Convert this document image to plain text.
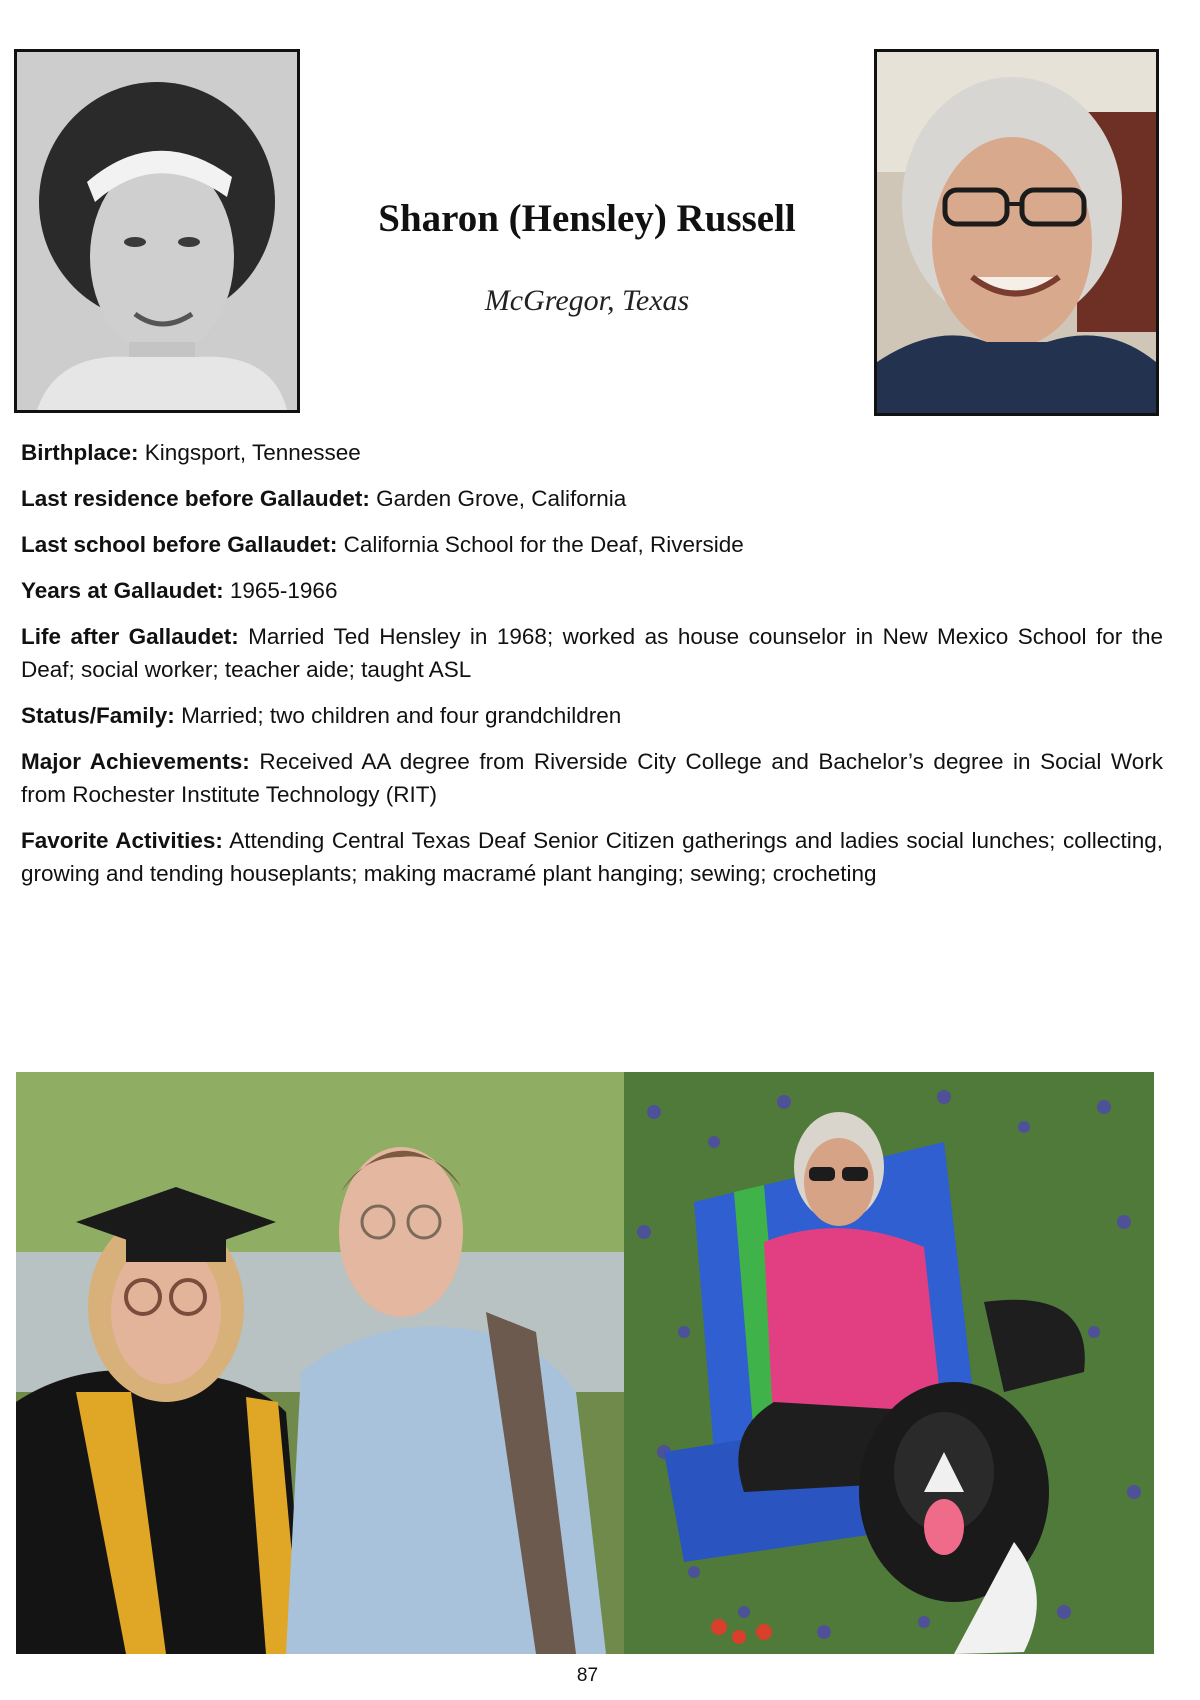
Sharon (Hensley) Russell

McGregor, Texas

Birthplace: Kingsport, Tennessee

Last residence before Gallaudet: Garden Grove, California

Last school before Gallaudet: California School for the Deaf, Riverside

Years at Gallaudet: 1965-1966

Life after Gallaudet: Married Ted Hensley in 1968; worked as house counselor in New Mexico School for the Deaf; social worker; teacher aide; taught ASL

Status/Family: Married; two children and four grandchildren

Major Achievements: Received AA degree from Riverside City College and Bachelor’s degree in Social Work from Rochester Institute Technology (RIT)

Favorite Activities: Attending Central Texas Deaf Senior Citizen gatherings and ladies social lunches; collecting, growing and tending houseplants; making macramé plant hanging; sewing; crocheting

87
